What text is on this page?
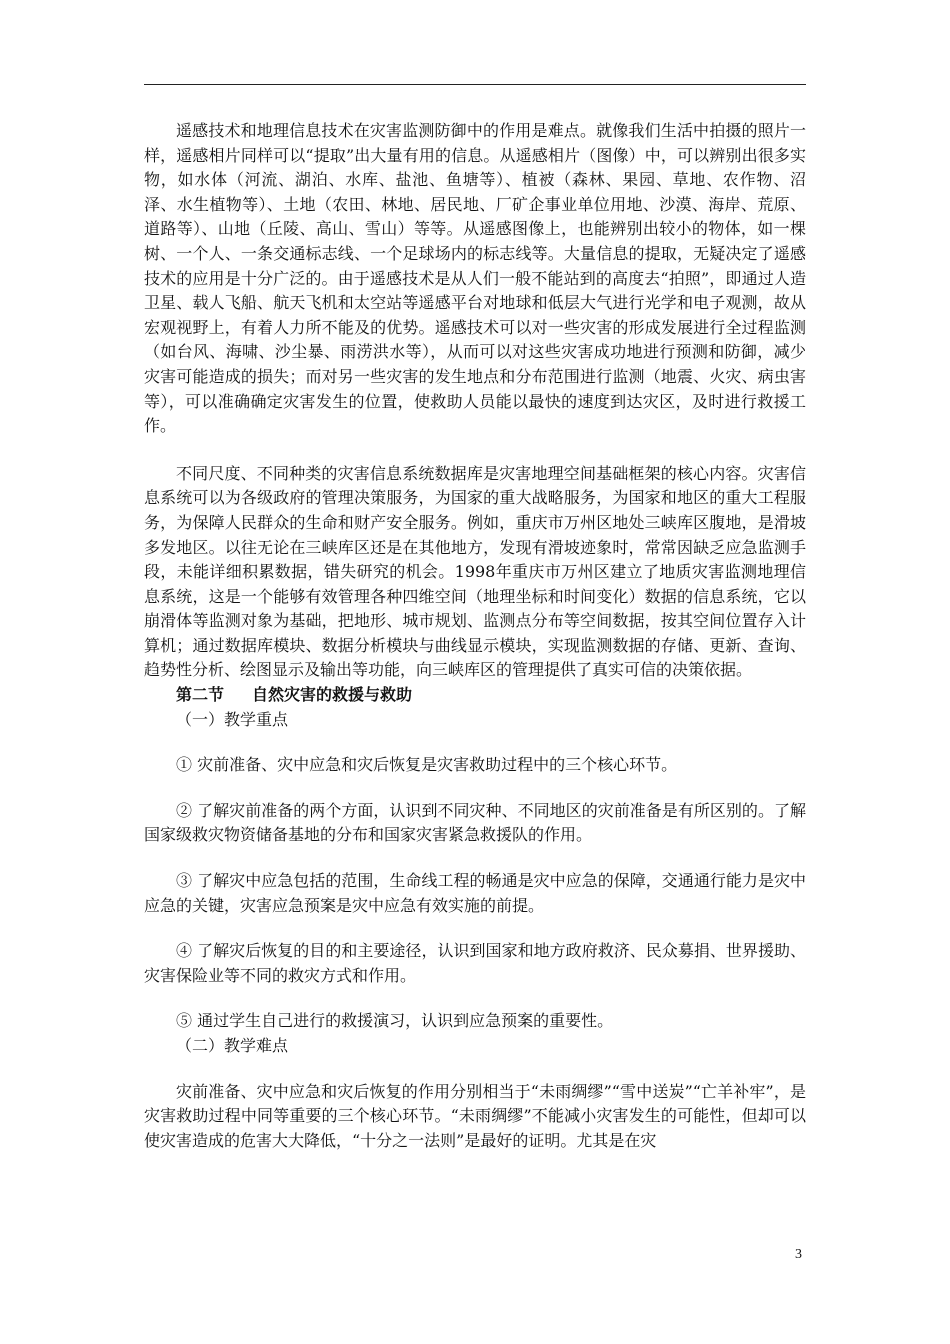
遥感技术和地理信息技术在灾害监测防御中的作用是难点。就像我们生活中拍摄的照片一样，遥感相片同样可以“提取”出大量有用的信息。从遥感相片（图像）中，可以辨别出很多实物，如水体（河流、湖泊、水库、盐池、鱼塘等）、植被（森林、果园、草地、农作物、沼泽、水生植物等）、土地（农田、林地、居民地、厂矿企事业单位用地、沙漠、海岸、荒原、道路等）、山地（丘陵、高山、雪山）等等。从遥感图像上，也能辨别出较小的物体，如一棵树、一个人、一条交通标志线、一个足球场内的标志线等。大量信息的提取，无疑决定了遥感技术的应用是十分广泛的。由于遥感技术是从人们一般不能站到的高度去“拍照”，即通过人造卫星、载人飞船、航天飞机和太空站等遥感平台对地球和低层大气进行光学和电子观测，故从宏观视野上，有着人力所不能及的优势。遥感技术可以对一些灾害的形成发展进行全过程监测（如台风、海啸、沙尘暴、雨涝洪水等），从而可以对这些灾害成功地进行预测和防御，减少灾害可能造成的损失；而对另一些灾害的发生地点和分布范围进行监测（地震、火灾、病虫害等），可以准确确定灾害发生的位置，使救助人员能以最快的速度到达灾区，及时进行救援工作。

不同尺度、不同种类的灾害信息系统数据库是灾害地理空间基础框架的核心内容。灾害信息系统可以为各级政府的管理决策服务，为国家的重大战略服务，为国家和地区的重大工程服务，为保障人民群众的生命和财产安全服务。例如，重庆市万州区地处三峡库区腹地，是滑坡多发地区。以往无论在三峡库区还是在其他地方，发现有滑坡迹象时，常常因缺乏应急监测手段，未能详细积累数据，错失研究的机会。1998年重庆市万州区建立了地质灾害监测地理信息系统，这是一个能够有效管理各种四维空间（地理坐标和时间变化）数据的信息系统，它以崩滑体等监测对象为基础，把地形、城市规划、监测点分布等空间数据，按其空间位置存入计算机；通过数据库模块、数据分析模块与曲线显示模块，实现监测数据的存储、更新、查询、趋势性分析、绘图显示及输出等功能，向三峡库区的管理提供了真实可信的决策依据。

第二节 自然灾害的救援与救助

（一）教学重点

① 灾前准备、灾中应急和灾后恢复是灾害救助过程中的三个核心环节。

② 了解灾前准备的两个方面，认识到不同灾种、不同地区的灾前准备是有所区别的。了解国家级救灾物资储备基地的分布和国家灾害紧急救援队的作用。

③ 了解灾中应急包括的范围，生命线工程的畅通是灾中应急的保障，交通通行能力是灾中应急的关键，灾害应急预案是灾中应急有效实施的前提。

④ 了解灾后恢复的目的和主要途径，认识到国家和地方政府救济、民众募捐、世界援助、灾害保险业等不同的救灾方式和作用。

⑤ 通过学生自己进行的救援演习，认识到应急预案的重要性。

（二）教学难点

灾前准备、灾中应急和灾后恢复的作用分别相当于“未雨绸缪”“雪中送炭”“亡羊补牢”，是灾害救助过程中同等重要的三个核心环节。“未雨绸缪”不能减小灾害发生的可能性，但却可以使灾害造成的危害大大降低，“十分之一法则”是最好的证明。尤其是在灾

3
